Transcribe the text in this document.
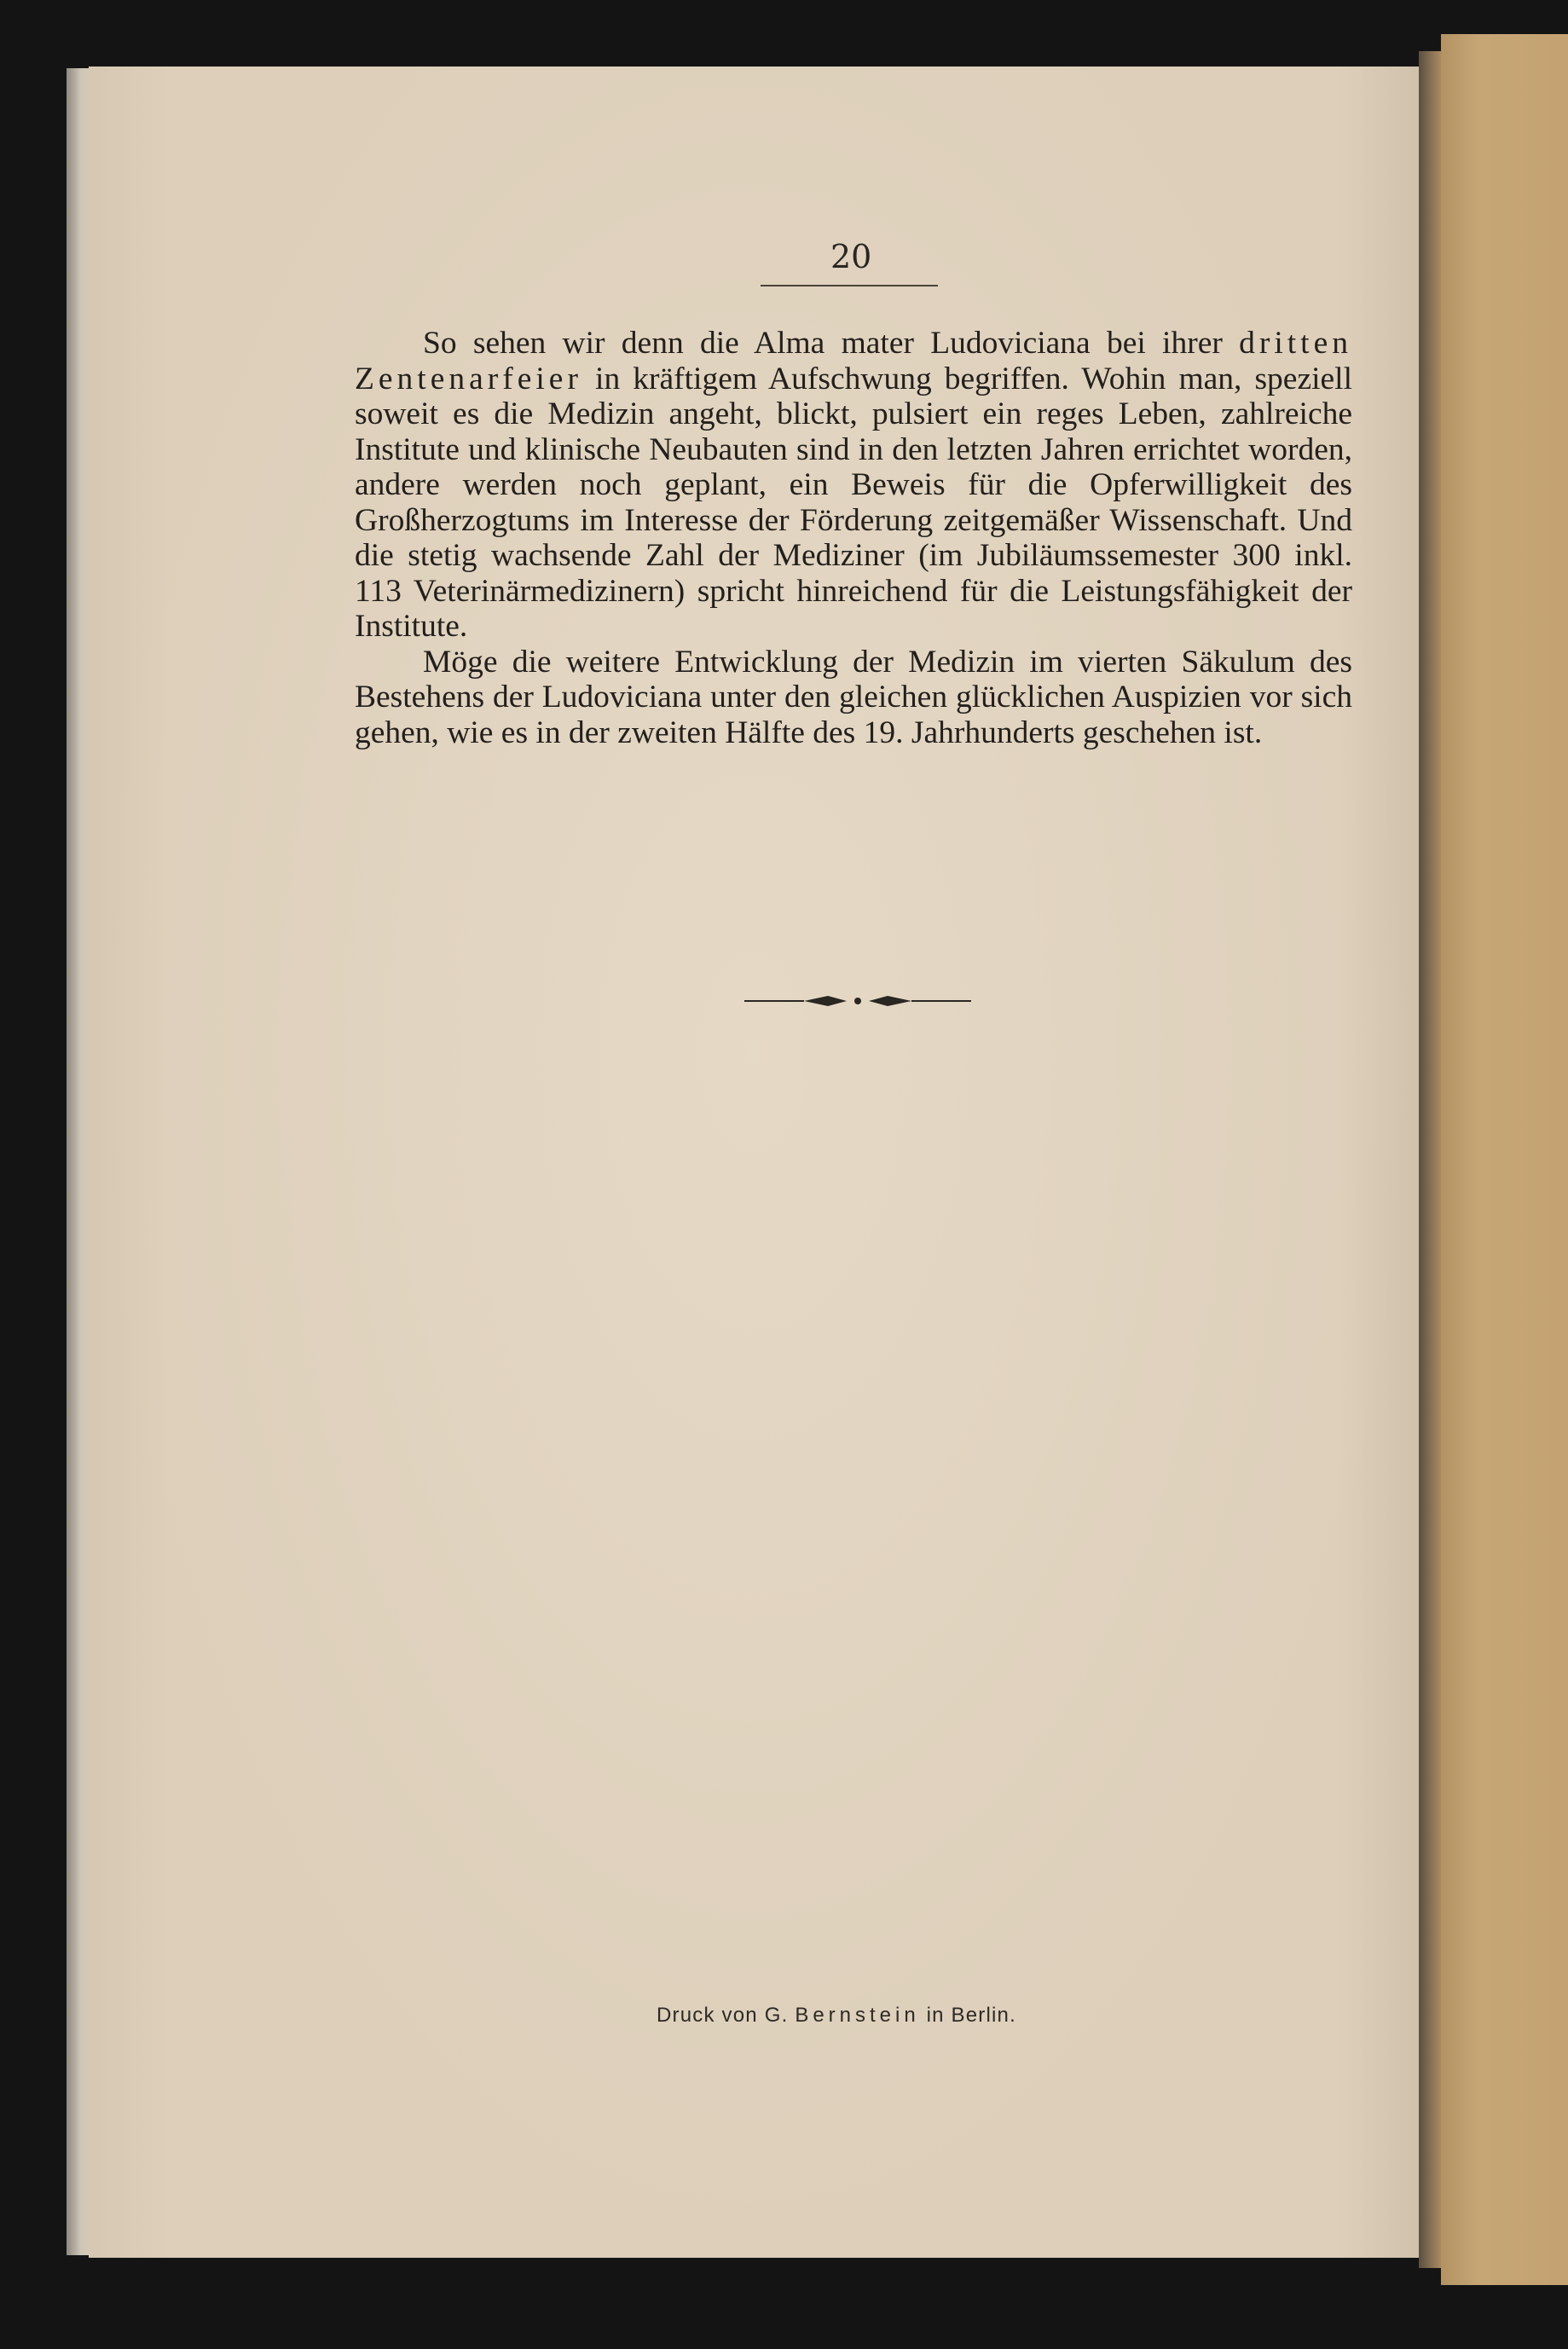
20

So sehen wir denn die Alma mater Ludoviciana bei ihrer dritten Zentenarfeier in kräftigem Aufschwung begriffen. Wohin man, speziell soweit es die Medizin angeht, blickt, pulsiert ein reges Leben, zahlreiche Institute und klinische Neubauten sind in den letzten Jahren errichtet worden, andere werden noch geplant, ein Beweis für die Opferwilligkeit des Großherzogtums im Interesse der Förderung zeitgemäßer Wissenschaft. Und die stetig wachsende Zahl der Mediziner (im Jubiläumssemester 300 inkl. 113 Veterinärmedizinern) spricht hinreichend für die Leistungsfähigkeit der Institute.

Möge die weitere Entwicklung der Medizin im vierten Säkulum des Bestehens der Ludoviciana unter den gleichen glücklichen Auspizien vor sich gehen, wie es in der zweiten Hälfte des 19. Jahrhunderts geschehen ist.

Druck von G. Bernstein in Berlin.
